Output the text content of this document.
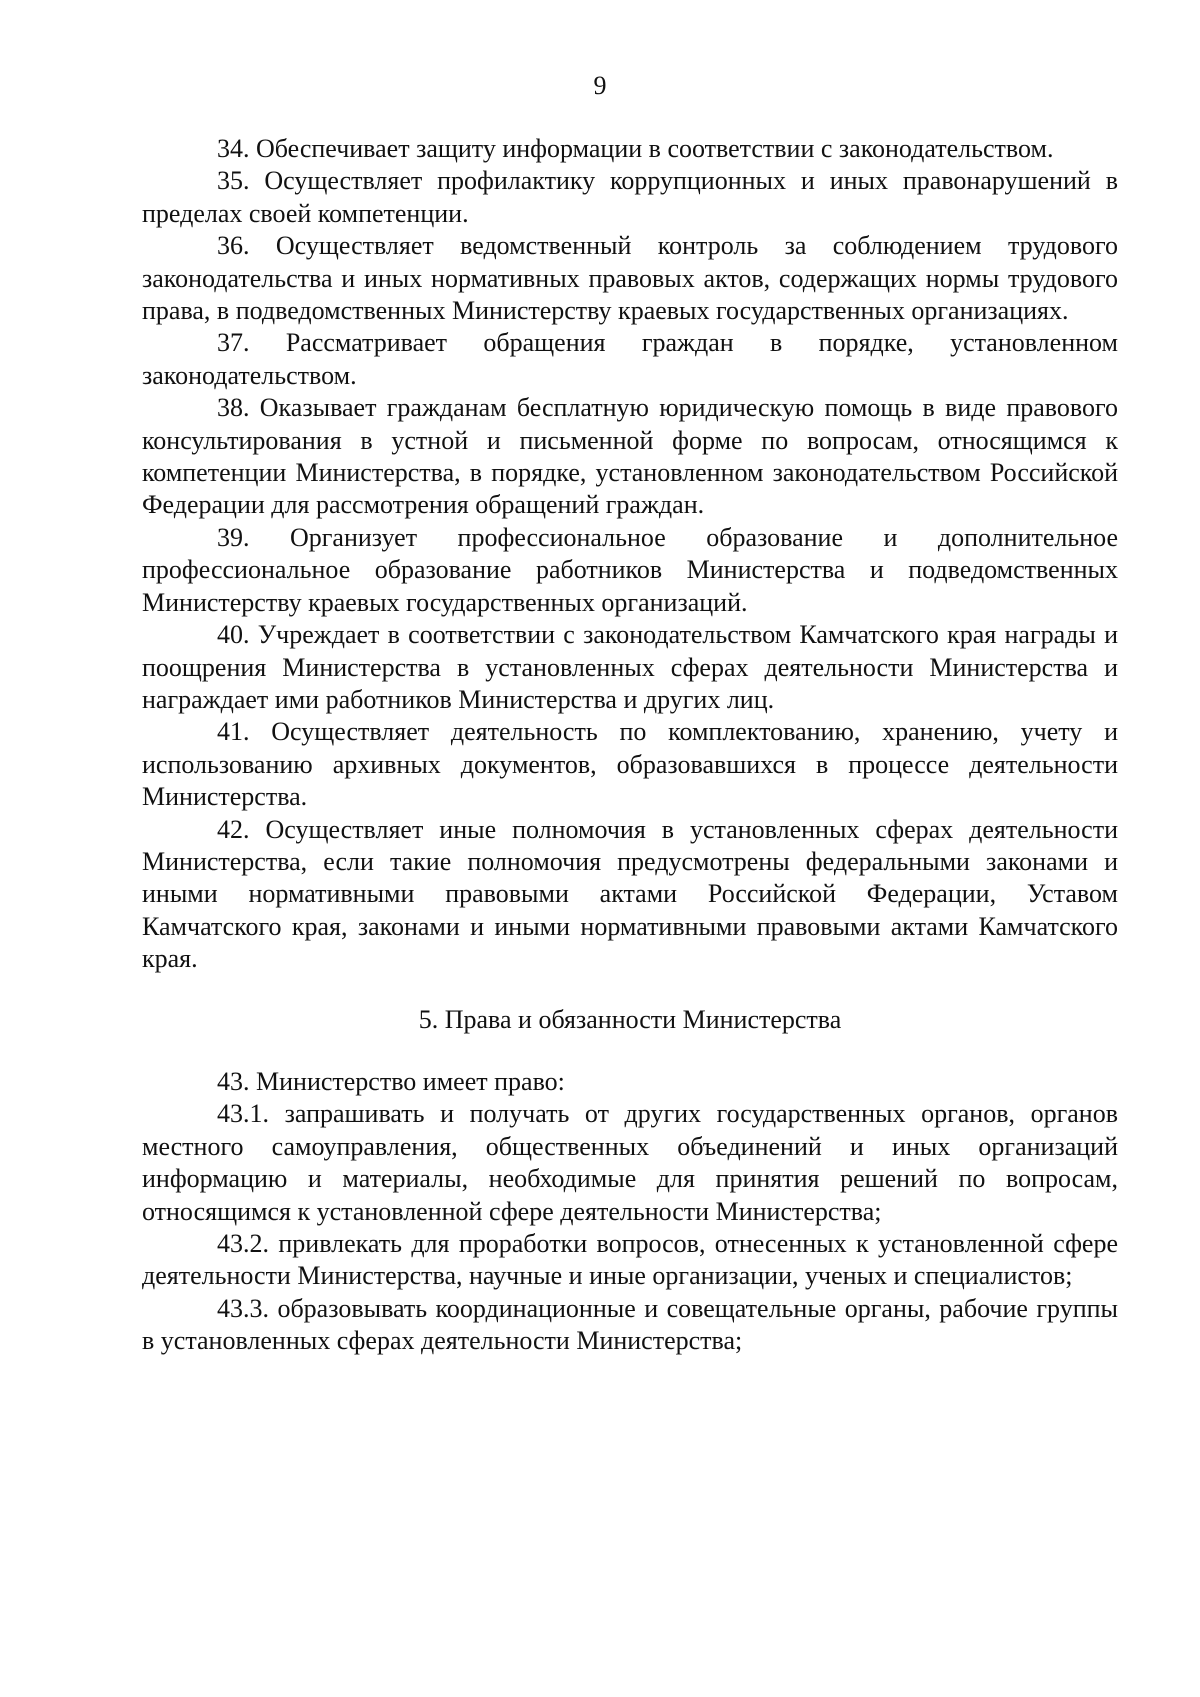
9

34. Обеспечивает защиту информации в соответствии с законодательством.

35. Осуществляет профилактику коррупционных и иных правонарушений в пределах своей компетенции.

36. Осуществляет ведомственный контроль за соблюдением трудового законодательства и иных нормативных правовых актов, содержащих нормы трудового права, в подведомственных Министерству краевых государственных организациях.

37. Рассматривает обращения граждан в порядке, установленном законодательством.

38. Оказывает гражданам бесплатную юридическую помощь в виде правового консультирования в устной и письменной форме по вопросам, относящимся к компетенции Министерства, в порядке, установленном законодательством Российской Федерации для рассмотрения обращений граждан.

39. Организует профессиональное образование и дополнительное профессиональное образование работников Министерства и подведомственных Министерству краевых государственных организаций.

40. Учреждает в соответствии с законодательством Камчатского края награды и поощрения Министерства в установленных сферах деятельности Министерства и награждает ими работников Министерства и других лиц.

41. Осуществляет деятельность по комплектованию, хранению, учету и использованию архивных документов, образовавшихся в процессе деятельности Министерства.

42. Осуществляет иные полномочия в установленных сферах деятельности Министерства, если такие полномочия предусмотрены федеральными законами и иными нормативными правовыми актами Российской Федерации, Уставом Камчатского края, законами и иными нормативными правовыми актами Камчатского края.

5. Права и обязанности Министерства

43. Министерство имеет право:

43.1. запрашивать и получать от других государственных органов, органов местного самоуправления, общественных объединений и иных организаций информацию и материалы, необходимые для принятия решений по вопросам, относящимся к установленной сфере деятельности Министерства;

43.2. привлекать для проработки вопросов, отнесенных к установленной сфере деятельности Министерства, научные и иные организации, ученых и специалистов;

43.3. образовывать координационные и совещательные органы, рабочие группы в установленных сферах деятельности Министерства;
